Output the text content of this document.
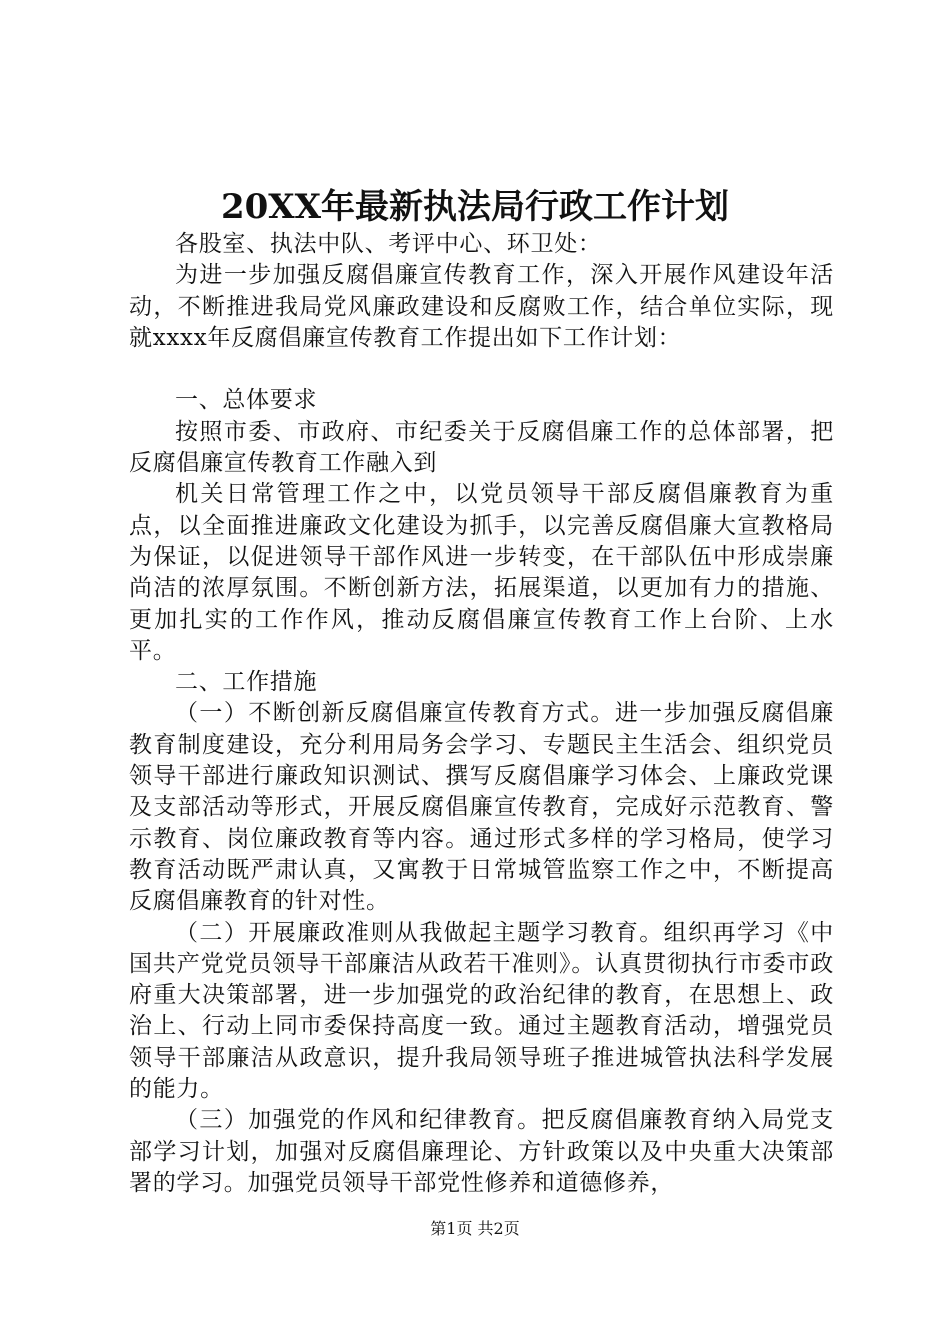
20XX年最新执法局行政工作计划

各股室、执法中队、考评中心、环卫处：

为进一步加强反腐倡廉宣传教育工作，深入开展作风建设年活动，不断推进我局党风廉政建设和反腐败工作，结合单位实际，现就xxxx年反腐倡廉宣传教育工作提出如下工作计划：

一、总体要求

按照市委、市政府、市纪委关于反腐倡廉工作的总体部署，把反腐倡廉宣传教育工作融入到

机关日常管理工作之中，以党员领导干部反腐倡廉教育为重点，以全面推进廉政文化建设为抓手，以完善反腐倡廉大宣教格局为保证，以促进领导干部作风进一步转变，在干部队伍中形成崇廉尚洁的浓厚氛围。不断创新方法，拓展渠道，以更加有力的措施、更加扎实的工作作风，推动反腐倡廉宣传教育工作上台阶、上水平。

二、工作措施

（一）不断创新反腐倡廉宣传教育方式。进一步加强反腐倡廉教育制度建设，充分利用局务会学习、专题民主生活会、组织党员领导干部进行廉政知识测试、撰写反腐倡廉学习体会、上廉政党课及支部活动等形式，开展反腐倡廉宣传教育，完成好示范教育、警示教育、岗位廉政教育等内容。通过形式多样的学习格局，使学习教育活动既严肃认真，又寓教于日常城管监察工作之中，不断提高反腐倡廉教育的针对性。

（二）开展廉政准则从我做起主题学习教育。组织再学习《中国共产党党员领导干部廉洁从政若干准则》。认真贯彻执行市委市政府重大决策部署，进一步加强党的政治纪律的教育，在思想上、政治上、行动上同市委保持高度一致。通过主题教育活动，增强党员领导干部廉洁从政意识，提升我局领导班子推进城管执法科学发展的能力。

（三）加强党的作风和纪律教育。把反腐倡廉教育纳入局党支部学习计划，加强对反腐倡廉理论、方针政策以及中央重大决策部署的学习。加强党员领导干部党性修养和道德修养，

第1页 共2页
